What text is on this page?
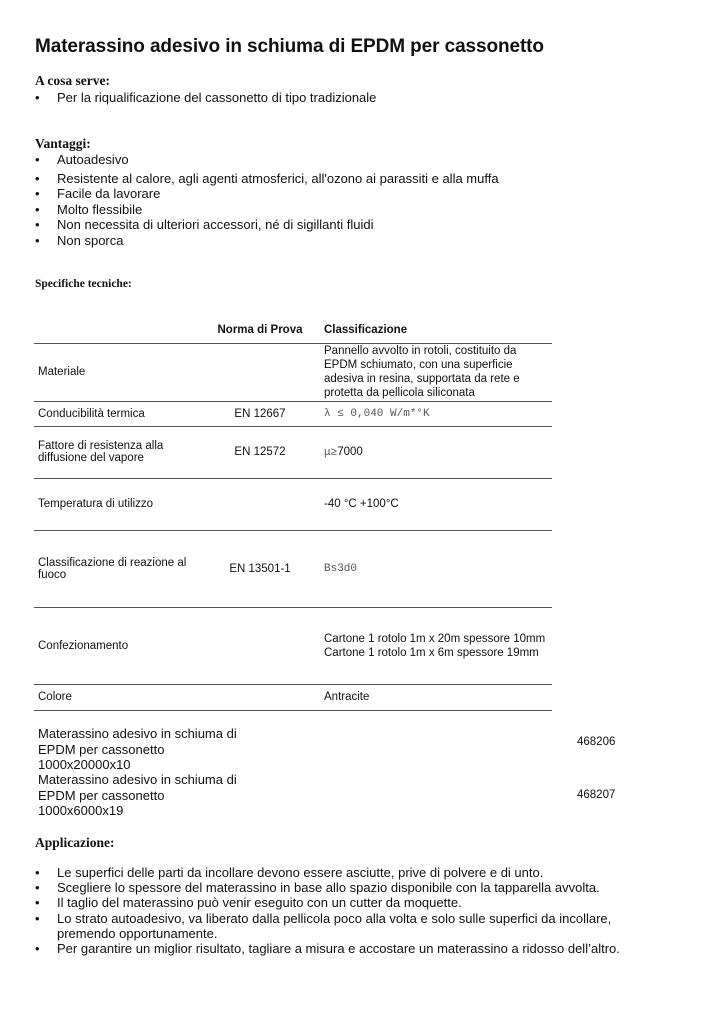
Materassino adesivo in schiuma di EPDM per cassonetto
A cosa serve:
• Per la riqualificazione del cassonetto di tipo tradizionale
Vantaggi:
• Autoadesivo
• Resistente al calore, agli agenti atmosferici, all'ozono ai parassiti e alla muffa
• Facile da lavorare
• Molto flessibile
• Non necessita di ulteriori accessori, né di sigillanti fluidi
• Non sporca
Specifiche tecniche:
	Norma di Prova	Classificazione
Materiale		Pannello avvolto in rotoli, costituito da EPDM schiumato, con una superficie adesiva in resina, supportata da rete e protetta da pellicola siliconata
Conducibilità termica	EN 12667	λ ≤ 0,040 W/m*°K
Fattore di resistenza alla diffusione del vapore	EN 12572	μ≥7000
Temperatura di utilizzo		-40 °C +100°C
Classificazione di reazione al fuoco	EN 13501-1	Bs3d0
Confezionamento		Cartone 1 rotolo 1m x 20m spessore 10mm
Cartone 1 rotolo 1m x 6m spessore 19mm

Colore		Antracite
Materassino adesivo in schiuma di
EPDM per cassonetto
1000x20000x10
468206
Materassino adesivo in schiuma di
EPDM per cassonetto
1000x6000x19
468207
Applicazione:
• Le superfici delle parti da incollare devono essere asciutte, prive di polvere e di unto.
• Scegliere lo spessore del materassino in base allo spazio disponibile con la tapparella avvolta.
• Il taglio del materassino può venir eseguito con un cutter da moquette.
• Lo strato autoadesivo, va liberato dalla pellicola poco alla volta e solo sulle superfici da incollare, premendo opportunamente.
• Per garantire un miglior risultato, tagliare a misura e accostare un materassino a ridosso dell’altro.
